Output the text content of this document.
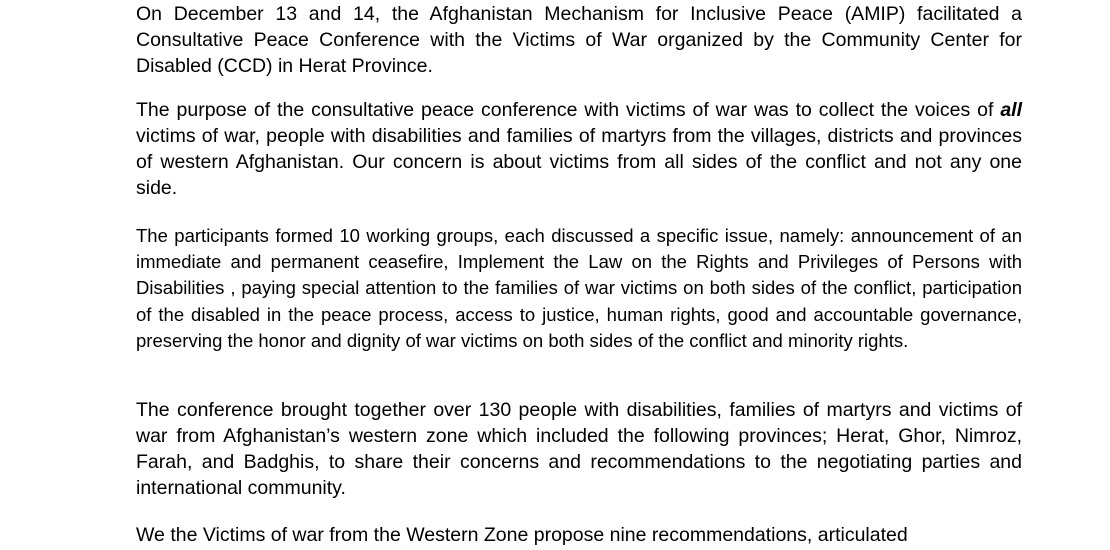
On December 13 and 14, the Afghanistan Mechanism for Inclusive Peace (AMIP) facilitated a Consultative Peace Conference with the Victims of War organized by the Community Center for Disabled (CCD) in Herat Province.

The purpose of the consultative peace conference with victims of war was to collect the voices of all victims of war, people with disabilities and families of martyrs from the villages, districts and provinces of western Afghanistan. Our concern is about victims from all sides of the conflict and not any one side.

The participants formed 10 working groups, each discussed a specific issue, namely: announcement of an immediate and permanent ceasefire, Implement the Law on the Rights and Privileges of Persons with Disabilities , paying special attention to the families of war victims on both sides of the conflict, participation of the disabled in the peace process, access to justice, human rights, good and accountable governance, preserving the honor and dignity of war victims on both sides of the conflict and minority rights.

The conference brought together over 130 people with disabilities, families of martyrs and victims of war from Afghanistan’s western zone which included the following provinces; Herat, Ghor, Nimroz, Farah, and Badghis, to share their concerns and recommendations to the negotiating parties and international community.

We the Victims of war from the Western Zone propose nine recommendations, articulated
